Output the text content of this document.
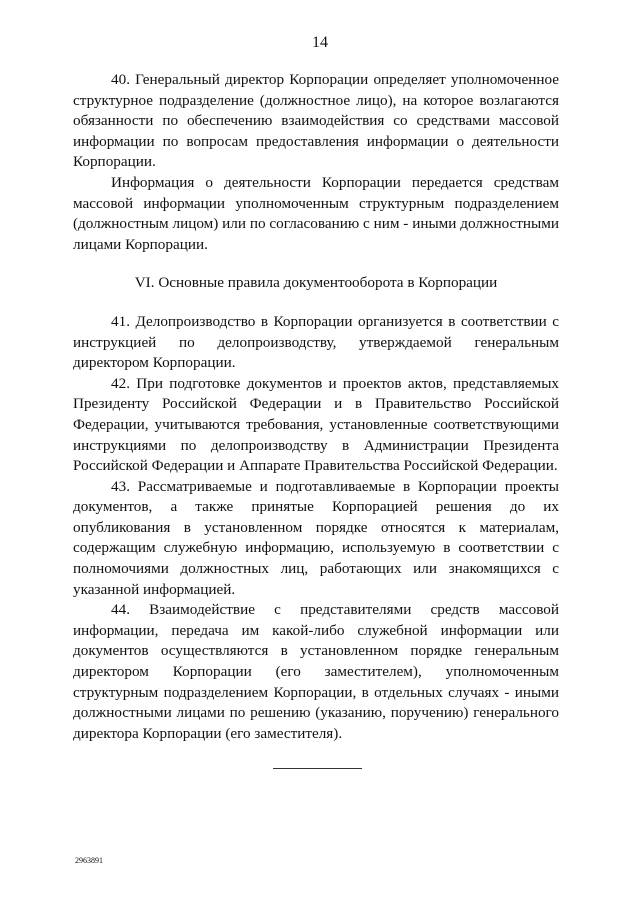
14

40. Генеральный директор Корпорации определяет уполномоченное структурное подразделение (должностное лицо), на которое возлагаются обязанности по обеспечению взаимодействия со средствами массовой информации по вопросам предоставления информации о деятельности Корпорации.

Информация о деятельности Корпорации передается средствам массовой информации уполномоченным структурным подразделением (должностным лицом) или по согласованию с ним - иными должностными лицами Корпорации.

VI. Основные правила документооборота в Корпорации

41. Делопроизводство в Корпорации организуется в соответствии с инструкцией по делопроизводству, утверждаемой генеральным директором Корпорации.

42. При подготовке документов и проектов актов, представляемых Президенту Российской Федерации и в Правительство Российской Федерации, учитываются требования, установленные соответствующими инструкциями по делопроизводству в Администрации Президента Российской Федерации и Аппарате Правительства Российской Федерации.

43. Рассматриваемые и подготавливаемые в Корпорации проекты документов, а также принятые Корпорацией решения до их опубликования в установленном порядке относятся к материалам, содержащим служебную информацию, используемую в соответствии с полномочиями должностных лиц, работающих или знакомящихся с указанной информацией.

44. Взаимодействие с представителями средств массовой информации, передача им какой-либо служебной информации или документов осуществляются в установленном порядке генеральным директором Корпорации (его заместителем), уполномоченным структурным подразделением Корпорации, в отдельных случаях - иными должностными лицами по решению (указанию, поручению) генерального директора Корпорации (его заместителя).

2963891
